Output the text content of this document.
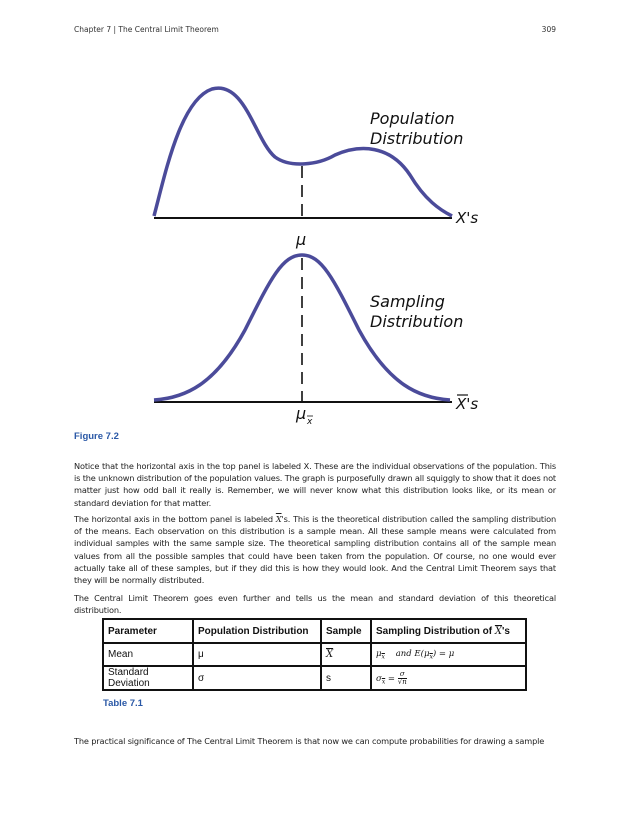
Chapter 7 | The Central Limit Theorem	309
Population
Distribution
X's
μ
Sampling
Distribution
X's
μ x
Figure 7.2

Notice that the horizontal axis in the top panel is labeled X. These are the individual observations of the population. This is the unknown distribution of the population values. The graph is purposefully drawn all squiggly to show that it does not matter just how odd ball it really is. Remember, we will never know what this distribution looks like, or its mean or standard deviation for that matter.

The horizontal axis in the bottom panel is labeled $\overline{X}'s$. This is the theoretical distribution called the sampling distribution of the means. Each observation on this distribution is a sample mean. All these sample means were calculated from individual samples with the same sample size. The theoretical sampling distribution contains all of the sample mean values from all the possible samples that could have been taken from the population. Of course, no one would ever actually take all of these samples, but if they did this is how they would look. And the Central Limit Theorem says that they will be normally distributed.

The Central Limit Theorem goes even further and tells us the mean and standard deviation of this theoretical distribution.

Parameter	Population Distribution	Sample	Sampling Distribution of $\overline{X}'s$
Mean	μ	$\overline{X}$	$\mu_{\overline{x}}$ and $E(\mu_{\overline{x}}) = \mu$
Standard Deviation	σ	s	$\sigma_{\overline{x}} = \frac{\sigma}{√n}$
Table 7.1

The practical significance of The Central Limit Theorem is that now we can compute probabilities for drawing a sample
